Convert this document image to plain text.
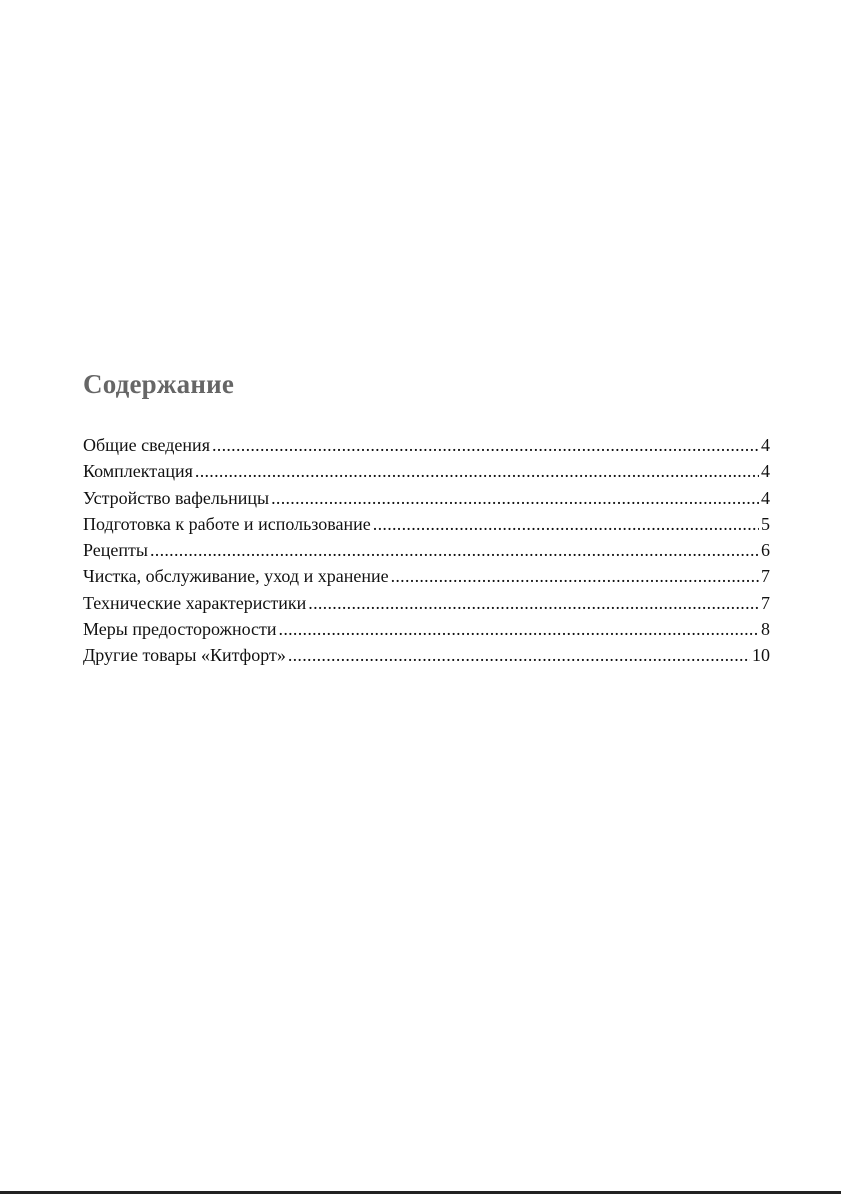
Содержание
Общие сведения .....	4
Комплектация .....	4
Устройство вафельницы .....	4
Подготовка к работе и использование .....	5
Рецепты .....	6
Чистка, обслуживание, уход и хранение .....	7
Технические характеристики .....	7
Меры предосторожности .....	8
Другие товары «Китфорт» .....	10
